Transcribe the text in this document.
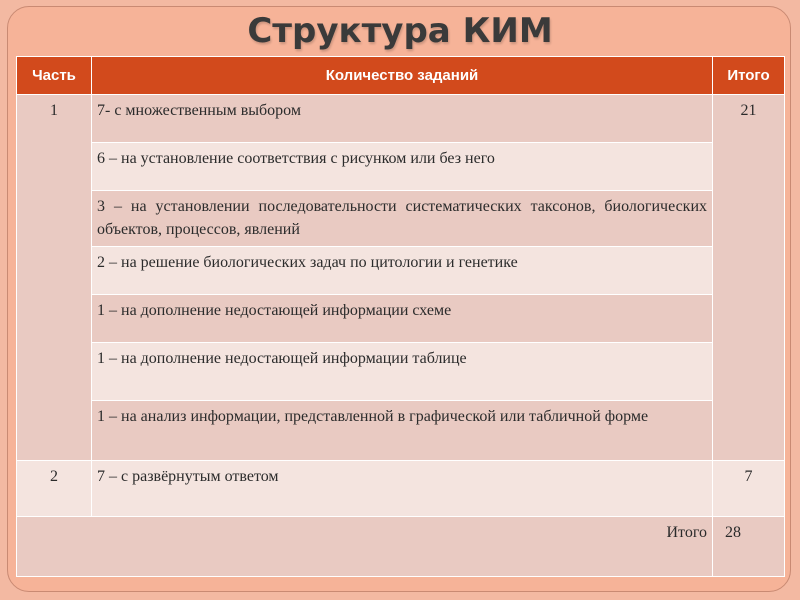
Структура КИМ
Часть	Количество заданий	Итого
1	7- с множественным выбором	21
	6 – на установление соответствия с рисунком или без него	
	3 – на установлении последовательности систематических таксонов, биологических объектов, процессов, явлений	
	2 – на решение биологических задач по цитологии и генетике	
	1 – на дополнение недостающей информации схеме	
	1 – на дополнение недостающей информации таблице	
	1 – на анализ информации, представленной в графической или табличной форме	
2	7 – с развёрнутым ответом	7
Итого		28
